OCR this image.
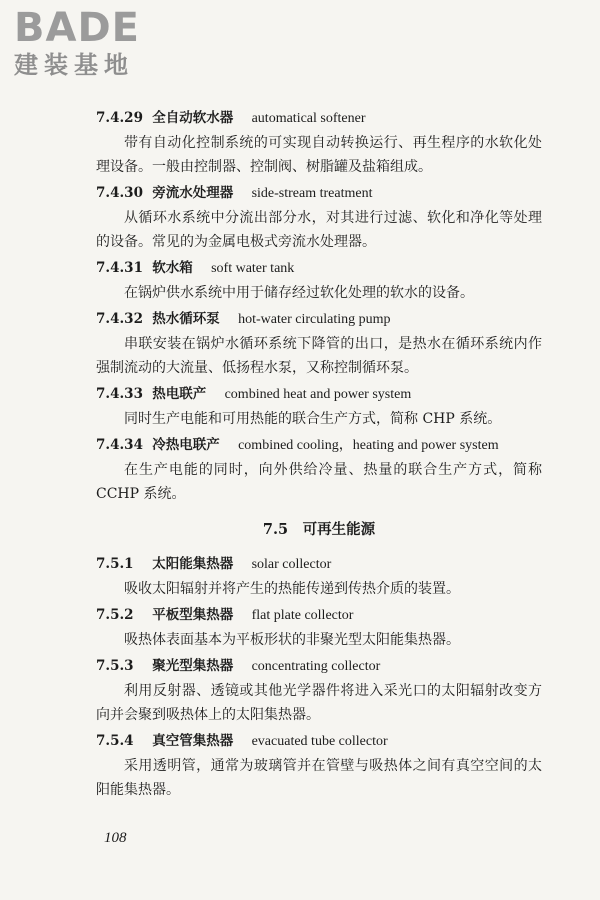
BADE
建装基地
7.4.29 全自动软水器 automatical softener

带有自动化控制系统的可实现自动转换运行、再生程序的水软化处理设备。一般由控制器、控制阀、树脂罐及盐箱组成。

7.4.30 旁流水处理器 side-stream treatment

从循环水系统中分流出部分水，对其进行过滤、软化和净化等处理的设备。常见的为金属电极式旁流水处理器。

7.4.31 软水箱 soft water tank

在锅炉供水系统中用于储存经过软化处理的软水的设备。

7.4.32 热水循环泵 hot-water circulating pump

串联安装在锅炉水循环系统下降管的出口，是热水在循环系统内作强制流动的大流量、低扬程水泵，又称控制循环泵。

7.4.33 热电联产 combined heat and power system

同时生产电能和可用热能的联合生产方式，简称 CHP 系统。

7.4.34 冷热电联产 combined cooling，heating and power system

在生产电能的同时，向外供给冷量、热量的联合生产方式，简称 CCHP 系统。

7.5　可再生能源
7.5.1 太阳能集热器 solar collector

吸收太阳辐射并将产生的热能传递到传热介质的装置。

7.5.2 平板型集热器 flat plate collector

吸热体表面基本为平板形状的非聚光型太阳能集热器。

7.5.3 聚光型集热器 concentrating collector

利用反射器、透镜或其他光学器件将进入采光口的太阳辐射改变方向并会聚到吸热体上的太阳集热器。

7.5.4 真空管集热器 evacuated tube collector

采用透明管，通常为玻璃管并在管壁与吸热体之间有真空空间的太阳能集热器。

108
